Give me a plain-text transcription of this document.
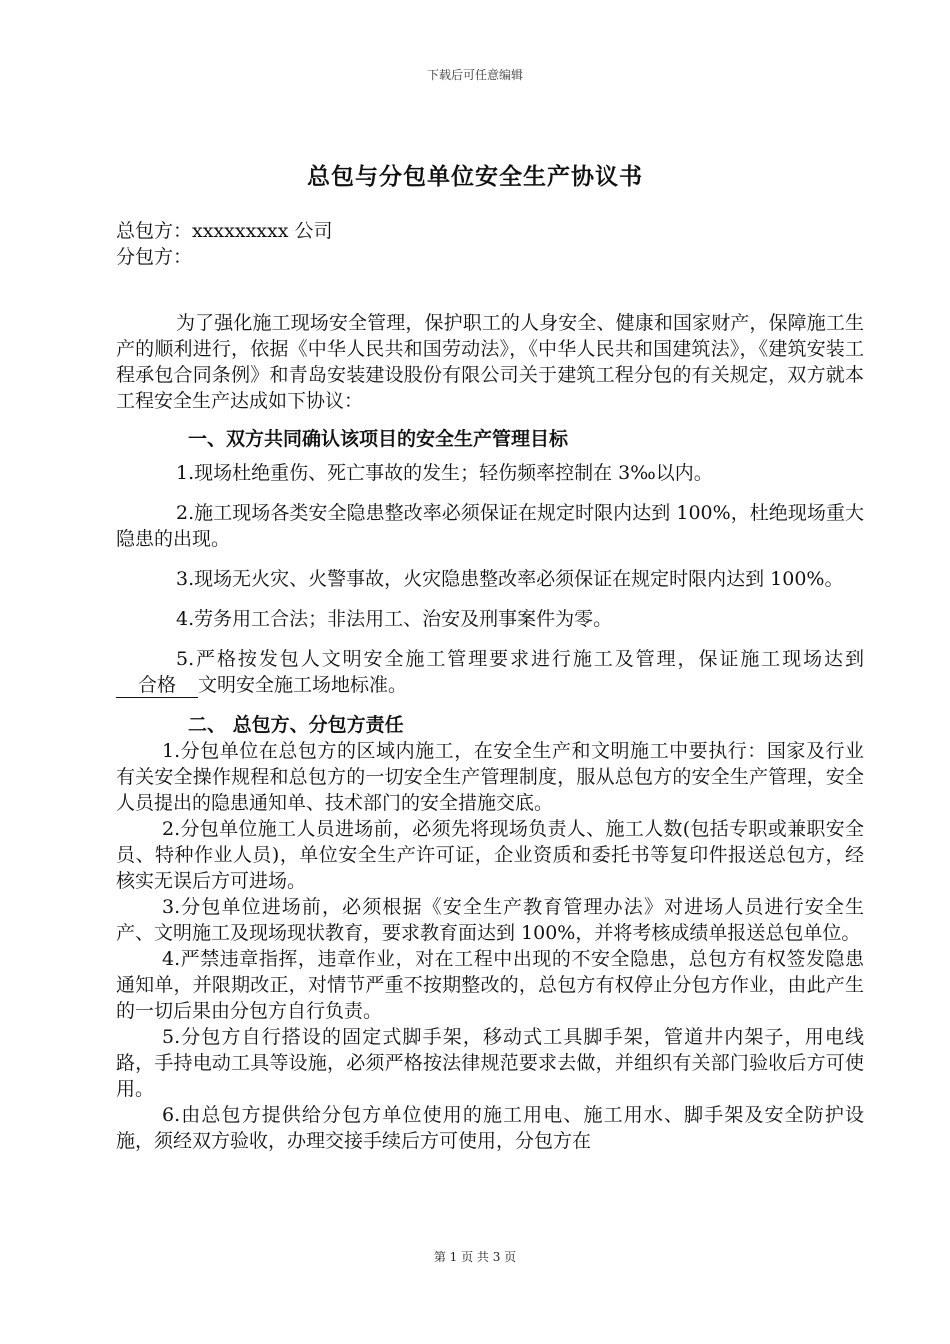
下载后可任意编辑
总包与分包单位安全生产协议书

总包方：xxxxxxxxx 公司

分包方：

为了强化施工现场安全管理，保护职工的人身安全、健康和国家财产，保障施工生产的顺利进行，依据《中华人民共和国劳动法》，《中华人民共和国建筑法》，《建筑安装工程承包合同条例》和青岛安装建设股份有限公司关于建筑工程分包的有关规定，双方就本工程安全生产达成如下协议：

一、双方共同确认该项目的安全生产管理目标

1.现场杜绝重伤、死亡事故的发生；轻伤频率控制在 3‰以内。

2.施工现场各类安全隐患整改率必须保证在规定时限内达到 100%，杜绝现场重大隐患的出现。

3.现场无火灾、火警事故，火灾隐患整改率必须保证在规定时限内达到 100%。

4.劳务用工合法；非法用工、治安及刑事案件为零。

5.严格按发包人文明安全施工管理要求进行施工及管理，保证施工现场达到合格 文明安全施工场地标准。

二、 总包方、分包方责任

1.分包单位在总包方的区域内施工，在安全生产和文明施工中要执行：国家及行业有关安全操作规程和总包方的一切安全生产管理制度，服从总包方的安全生产管理，安全人员提出的隐患通知单、技术部门的安全措施交底。

2.分包单位施工人员进场前，必须先将现场负责人、施工人数(包括专职或兼职安全员、特种作业人员)，单位安全生产许可证，企业资质和委托书等复印件报送总包方，经核实无误后方可进场。

3.分包单位进场前，必须根据《安全生产教育管理办法》对进场人员进行安全生产、文明施工及现场现状教育，要求教育面达到 100%，并将考核成绩单报送总包单位。

4.严禁违章指挥，违章作业，对在工程中出现的不安全隐患，总包方有权签发隐患通知单，并限期改正，对情节严重不按期整改的，总包方有权停止分包方作业，由此产生的一切后果由分包方自行负责。

5.分包方自行搭设的固定式脚手架，移动式工具脚手架，管道井内架子，用电线路，手持电动工具等设施，必须严格按法律规范要求去做，并组织有关部门验收后方可使用。

6.由总包方提供给分包方单位使用的施工用电、施工用水、脚手架及安全防护设施，须经双方验收，办理交接手续后方可使用，分包方在

第 1 页 共 3 页
